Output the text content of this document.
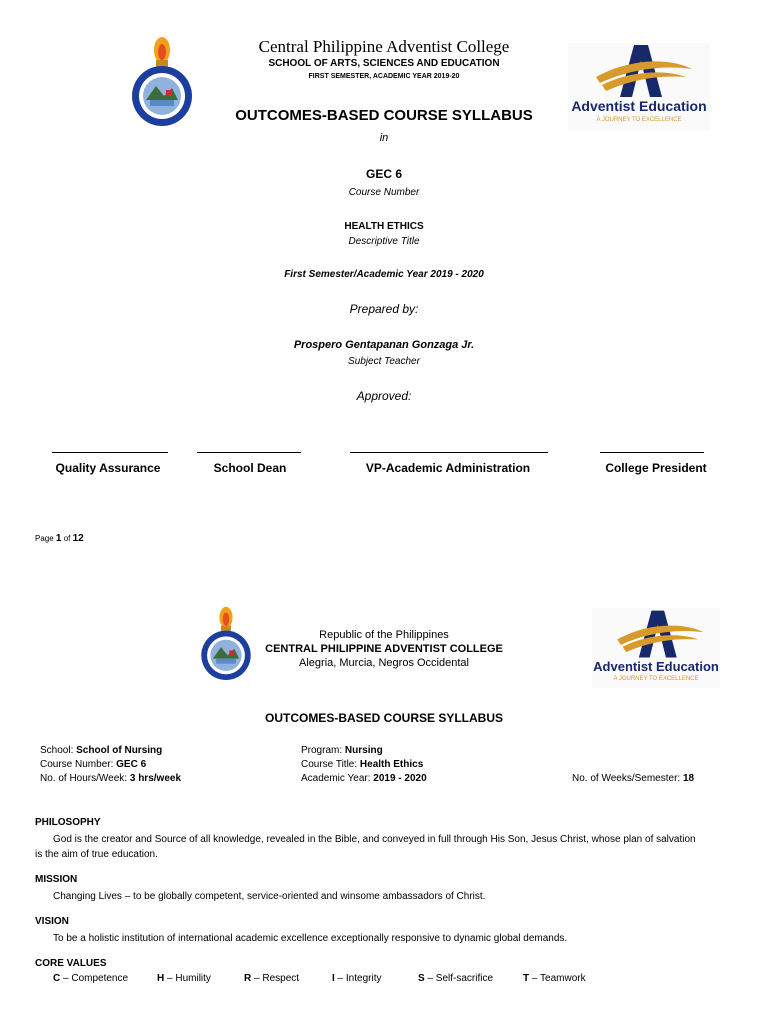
Adventist Education
A JOURNEY TO EXCELLENCE
Central Philippine Adventist College
SCHOOL OF ARTS, SCIENCES AND EDUCATION
FIRST SEMESTER, ACADEMIC YEAR 2019-20
OUTCOMES-BASED COURSE SYLLABUS
in
GEC 6
Course Number
HEALTH ETHICS
Descriptive Title
First Semester/Academic Year 2019 - 2020
Prepared by:
Prospero Gentapanan Gonzaga Jr.
Subject Teacher
Approved:
Quality Assurance	School Dean	VP-Academic Administration	College President
Page 1 of 12
Adventist Education
A JOURNEY TO EXCELLENCE
Republic of the Philippines
CENTRAL PHILIPPINE ADVENTIST COLLEGE
Alegria, Murcia, Negros Occidental
OUTCOMES-BASED COURSE SYLLABUS
School: School of Nursing	Program: Nursing
Course Number: GEC 6	Course Title: Health Ethics
No. of Hours/Week: 3 hrs/week	Academic Year: 2019 - 2020	No. of Weeks/Semester: 18
PHILOSOPHY
God is the creator and Source of all knowledge, revealed in the Bible, and conveyed in full through His Son, Jesus Christ, whose plan of salvation
is the aim of true education.
MISSION
Changing Lives – to be globally competent, service-oriented and winsome ambassadors of Christ.
VISION
To be a holistic institution of international academic excellence exceptionally responsive to dynamic global demands.
CORE VALUES
C – Competence	H – Humility	R – Respect	I – Integrity	S – Self-sacrifice	T – Teamwork
